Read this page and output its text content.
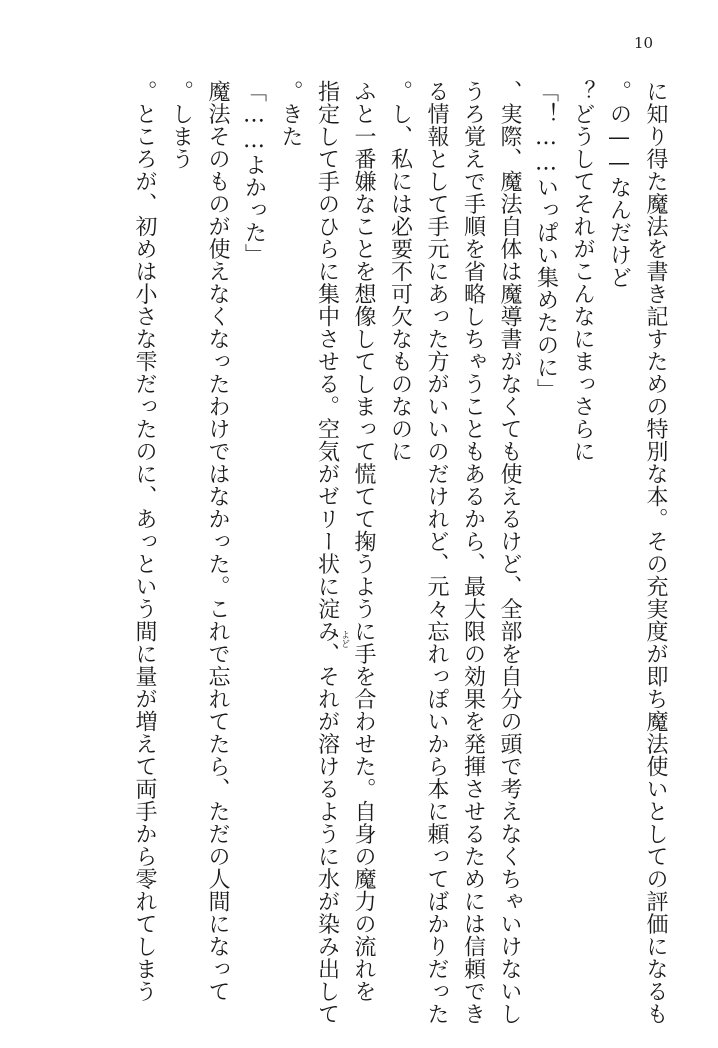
10
に知り得た魔法を書き記すための特別な本。その充実度が即ち魔法使いとしての評価になるも
の——なんだけど。
　どうしてそれがこんなにまっさらに？
「いっぱい集めたのに……！」
　実際、魔法自体は魔導書がなくても使えるけど、全部を自分の頭で考えなくちゃいけないし、
うろ覚えで手順を省略しちゃうこともあるから、最大限の効果を発揮させるためには信頼でき
る情報として手元にあった方がいいのだけれど、元々忘れっぽいから本に頼ってばかりだった
し、私には必要不可欠なものなのに。
　ふと一番嫌なことを想像してしまって慌てて掬うように手を合わせた。自身の魔力の流れを
指定して手のひらに集中させる。空気がゼリー状に淀み、それが溶けるように水が染み出して
きた。
「よかった……」
　魔法そのものが使えなくなったわけではなかった。これで忘れてたら、ただの人間になって
しまう。
　ところが、初めは小さな雫だったのに、あっという間に量が増えて両手から零れてしまう。
よど
